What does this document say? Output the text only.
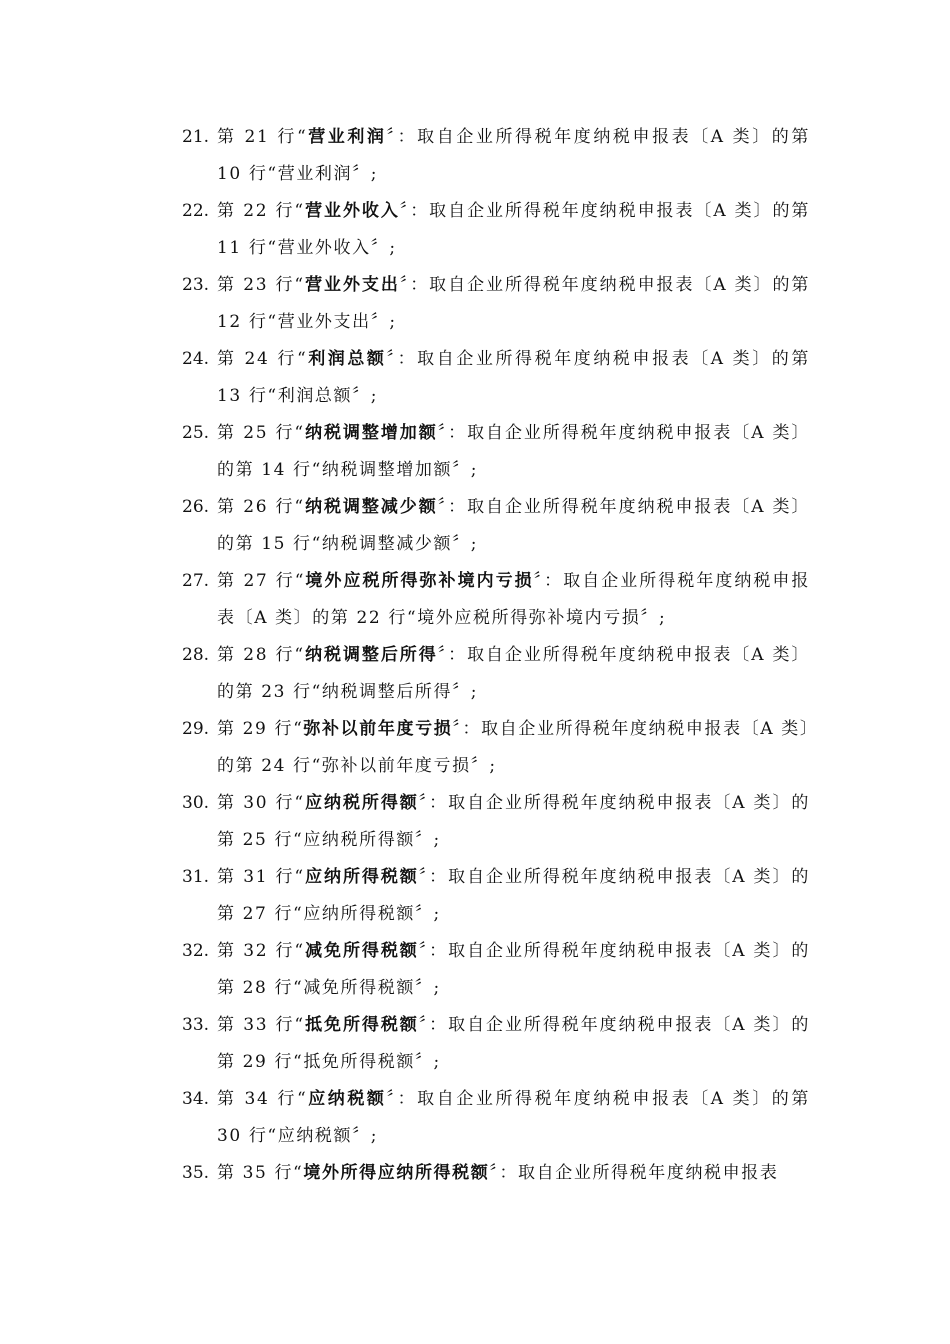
21. 第 21 行“营业利润〞：取自企业所得税年度纳税申报表〔A 类〕的第 10 行“营业利润〞;
22. 第 22 行“营业外收入〞：取自企业所得税年度纳税申报表〔A 类〕的第 11 行“营业外收入〞;
23. 第 23 行“营业外支出〞：取自企业所得税年度纳税申报表〔A 类〕的第 12 行“营业外支出〞;
24. 第 24 行“利润总额〞：取自企业所得税年度纳税申报表〔A 类〕的第 13 行“利润总额〞;
25. 第 25 行“纳税调整增加额〞：取自企业所得税年度纳税申报表〔A 类〕的第 14 行“纳税调整增加额〞;
26. 第 26 行“纳税调整减少额〞：取自企业所得税年度纳税申报表〔A 类〕的第 15 行“纳税调整减少额〞;
27. 第 27 行“境外应税所得弥补境内亏损〞：取自企业所得税年度纳税申报表〔A 类〕的第 22 行“境外应税所得弥补境内亏损〞;
28. 第 28 行“纳税调整后所得〞：取自企业所得税年度纳税申报表〔A 类〕的第 23 行“纳税调整后所得〞;
29. 第 29 行“弥补以前年度亏损〞：取自企业所得税年度纳税申报表〔A 类〕的第 24 行“弥补以前年度亏损〞;
30. 第 30 行“应纳税所得额〞：取自企业所得税年度纳税申报表〔A 类〕的第 25 行“应纳税所得额〞;
31. 第 31 行“应纳所得税额〞：取自企业所得税年度纳税申报表〔A 类〕的第 27 行“应纳所得税额〞;
32. 第 32 行“减免所得税额〞：取自企业所得税年度纳税申报表〔A 类〕的第 28 行“减免所得税额〞;
33. 第 33 行“抵免所得税额〞：取自企业所得税年度纳税申报表〔A 类〕的第 29 行“抵免所得税额〞;
34. 第 34 行“应纳税额〞：取自企业所得税年度纳税申报表〔A 类〕的第 30 行“应纳税额〞;
35. 第 35 行“境外所得应纳所得税额〞：取自企业所得税年度纳税申报表
